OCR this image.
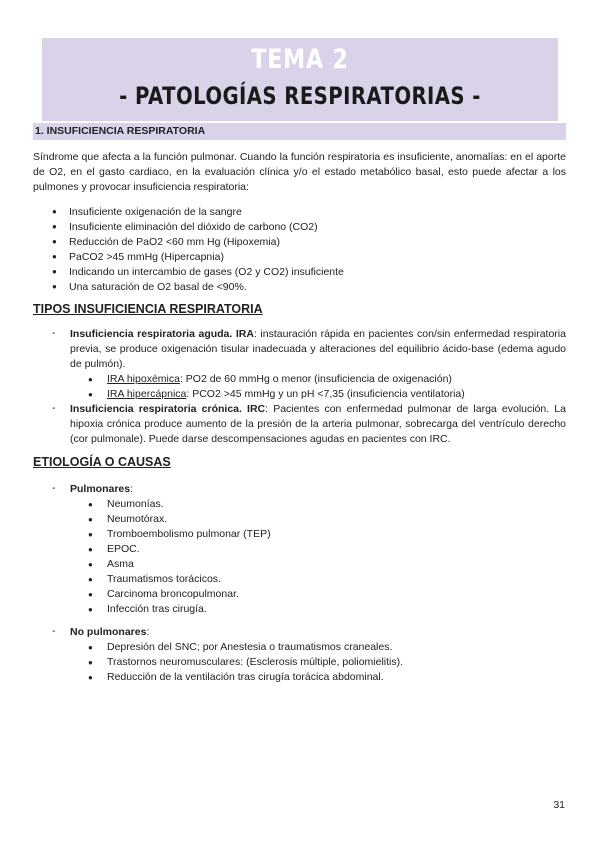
TEMA 2
- PATOLOGÍAS RESPIRATORIAS -
1. INSUFICIENCIA RESPIRATORIA

Síndrome que afecta a la función pulmonar. Cuando la función respiratoria es insuficiente, anomalías: en el aporte de O2, en el gasto cardiaco, en la evaluación clínica y/o el estado metabólico basal, esto puede afectar a los pulmones y provocar insuficiencia respiratoria:

● Insuficiente oxigenación de la sangre
● Insuficiente eliminación del dióxido de carbono (CO2)
● Reducción de PaO2 <60 mm Hg (Hipoxemia)
● PaCO2 >45 mmHg (Hipercapnia)
● Indicando un intercambio de gases (O2 y CO2) insuficiente
● Una saturación de O2 basal de <90%.
TIPOS INSUFICIENCIA RESPIRATORIA
- Insuficiencia respiratoria aguda. IRA: instauración rápida en pacientes con/sin enfermedad respiratoria previa, se produce oxigenación tisular inadecuada y alteraciones del equilibrio ácido-base (edema agudo de pulmón).

● IRA hipoxémica: PO2 de 60 mmHg o menor (insuficiencia de oxigenación)
● IRA hipercápnica: PCO2 >45 mmHg y un pH <7,35 (insuficiencia ventilatoria)
- Insuficiencia respiratoria crónica. IRC: Pacientes con enfermedad pulmonar de larga evolución. La hipoxia crónica produce aumento de la presión de la arteria pulmonar, sobrecarga del ventrículo derecho (cor pulmonale). Puede darse descompensaciones agudas en pacientes con IRC.

ETIOLOGÍA O CAUSAS
- Pulmonares:
● Neumonías.
● Neumotórax.
● Tromboembolismo pulmonar (TEP)
● EPOC.
● Asma
● Traumatismos torácicos.
● Carcinoma broncopulmonar.
● Infección tras cirugía.
- No pulmonares:
● Depresión del SNC; por Anestesia o traumatismos craneales.
● Trastornos neuromusculares: (Esclerosis múltiple, poliomielitis).
● Reducción de la ventilación tras cirugía torácica abdominal.
31
